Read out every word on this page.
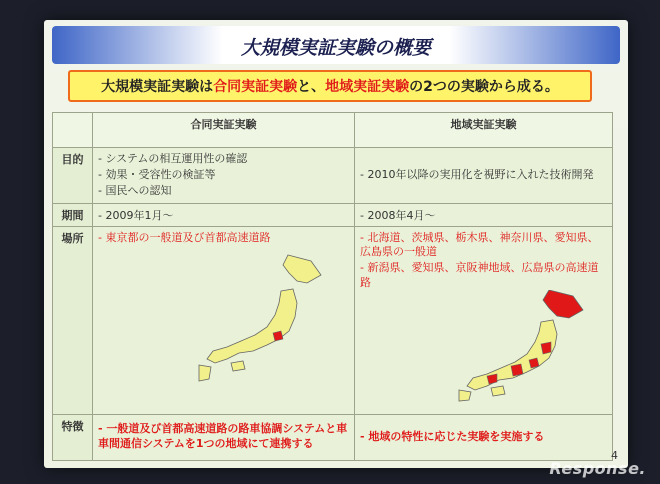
大規模実証実験の概要
大規模実証実験は 合同実証実験 と、 地域実証実験 の2つの実験から成る。
	合同実証実験	地域実証実験
目的	- システムの相互運用性の確認
- 効果・受容性の検証等
- 国民への認知	- 2010年以降の実用化を視野に入れた技術開発

期間	- 2009年1月～	- 2008年4月～
場所	- 東京都の一般道及び首都高速道路	- 北海道、茨城県、栃木県、神奈川県、愛知県、広島県の一般道
- 新潟県、愛知県、京阪神地域、広島県の高速道路

特徴	- 一般道及び首都高速道路の路車協調システムと車車間通信システムを1つの地域にて連携する	- 地域の特性に応じた実験を実施する
4
Response.
